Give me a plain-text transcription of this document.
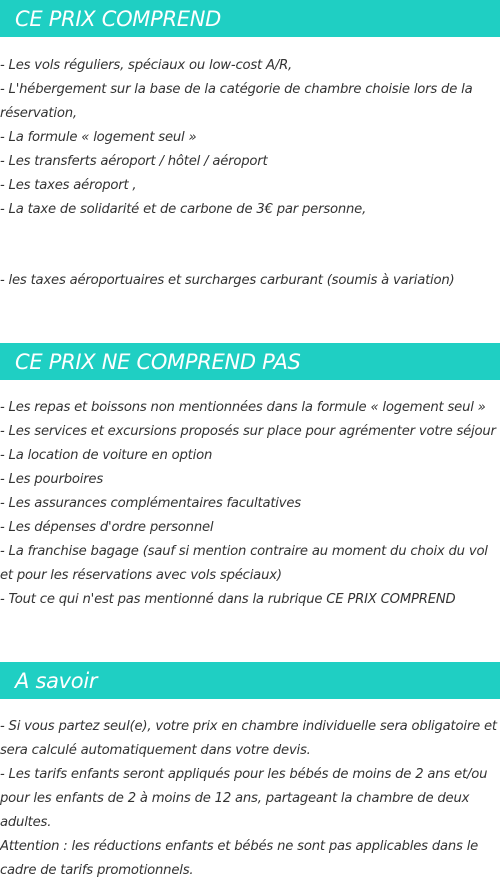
CE PRIX COMPREND
- Les vols réguliers, spéciaux ou low-cost A/R,
- L'hébergement sur la base de la catégorie de chambre choisie lors de la réservation,
- La formule « logement seul »
- Les transferts aéroport / hôtel / aéroport
- Les taxes aéroport ,
- La taxe de solidarité et de carbone de 3€ par personne,
- les taxes aéroportuaires et surcharges carburant (soumis à variation)
CE PRIX NE COMPREND PAS
- Les repas et boissons non mentionnées dans la formule « logement seul »
- Les services et excursions proposés sur place pour agrémenter votre séjour
- La location de voiture en option
- Les pourboires
- Les assurances complémentaires facultatives
- Les dépenses d'ordre personnel
- La franchise bagage (sauf si mention contraire au moment du choix du vol et pour les réservations avec vols spéciaux)
- Tout ce qui n'est pas mentionné dans la rubrique CE PRIX COMPREND
A savoir
- Si vous partez seul(e), votre prix en chambre individuelle sera obligatoire et sera calculé automatiquement dans votre devis.
- Les tarifs enfants seront appliqués pour les bébés de moins de 2 ans et/ou pour les enfants de 2 à moins de 12 ans, partageant la chambre de deux adultes.
Attention : les réductions enfants et bébés ne sont pas applicables dans le cadre de tarifs promotionnels.
